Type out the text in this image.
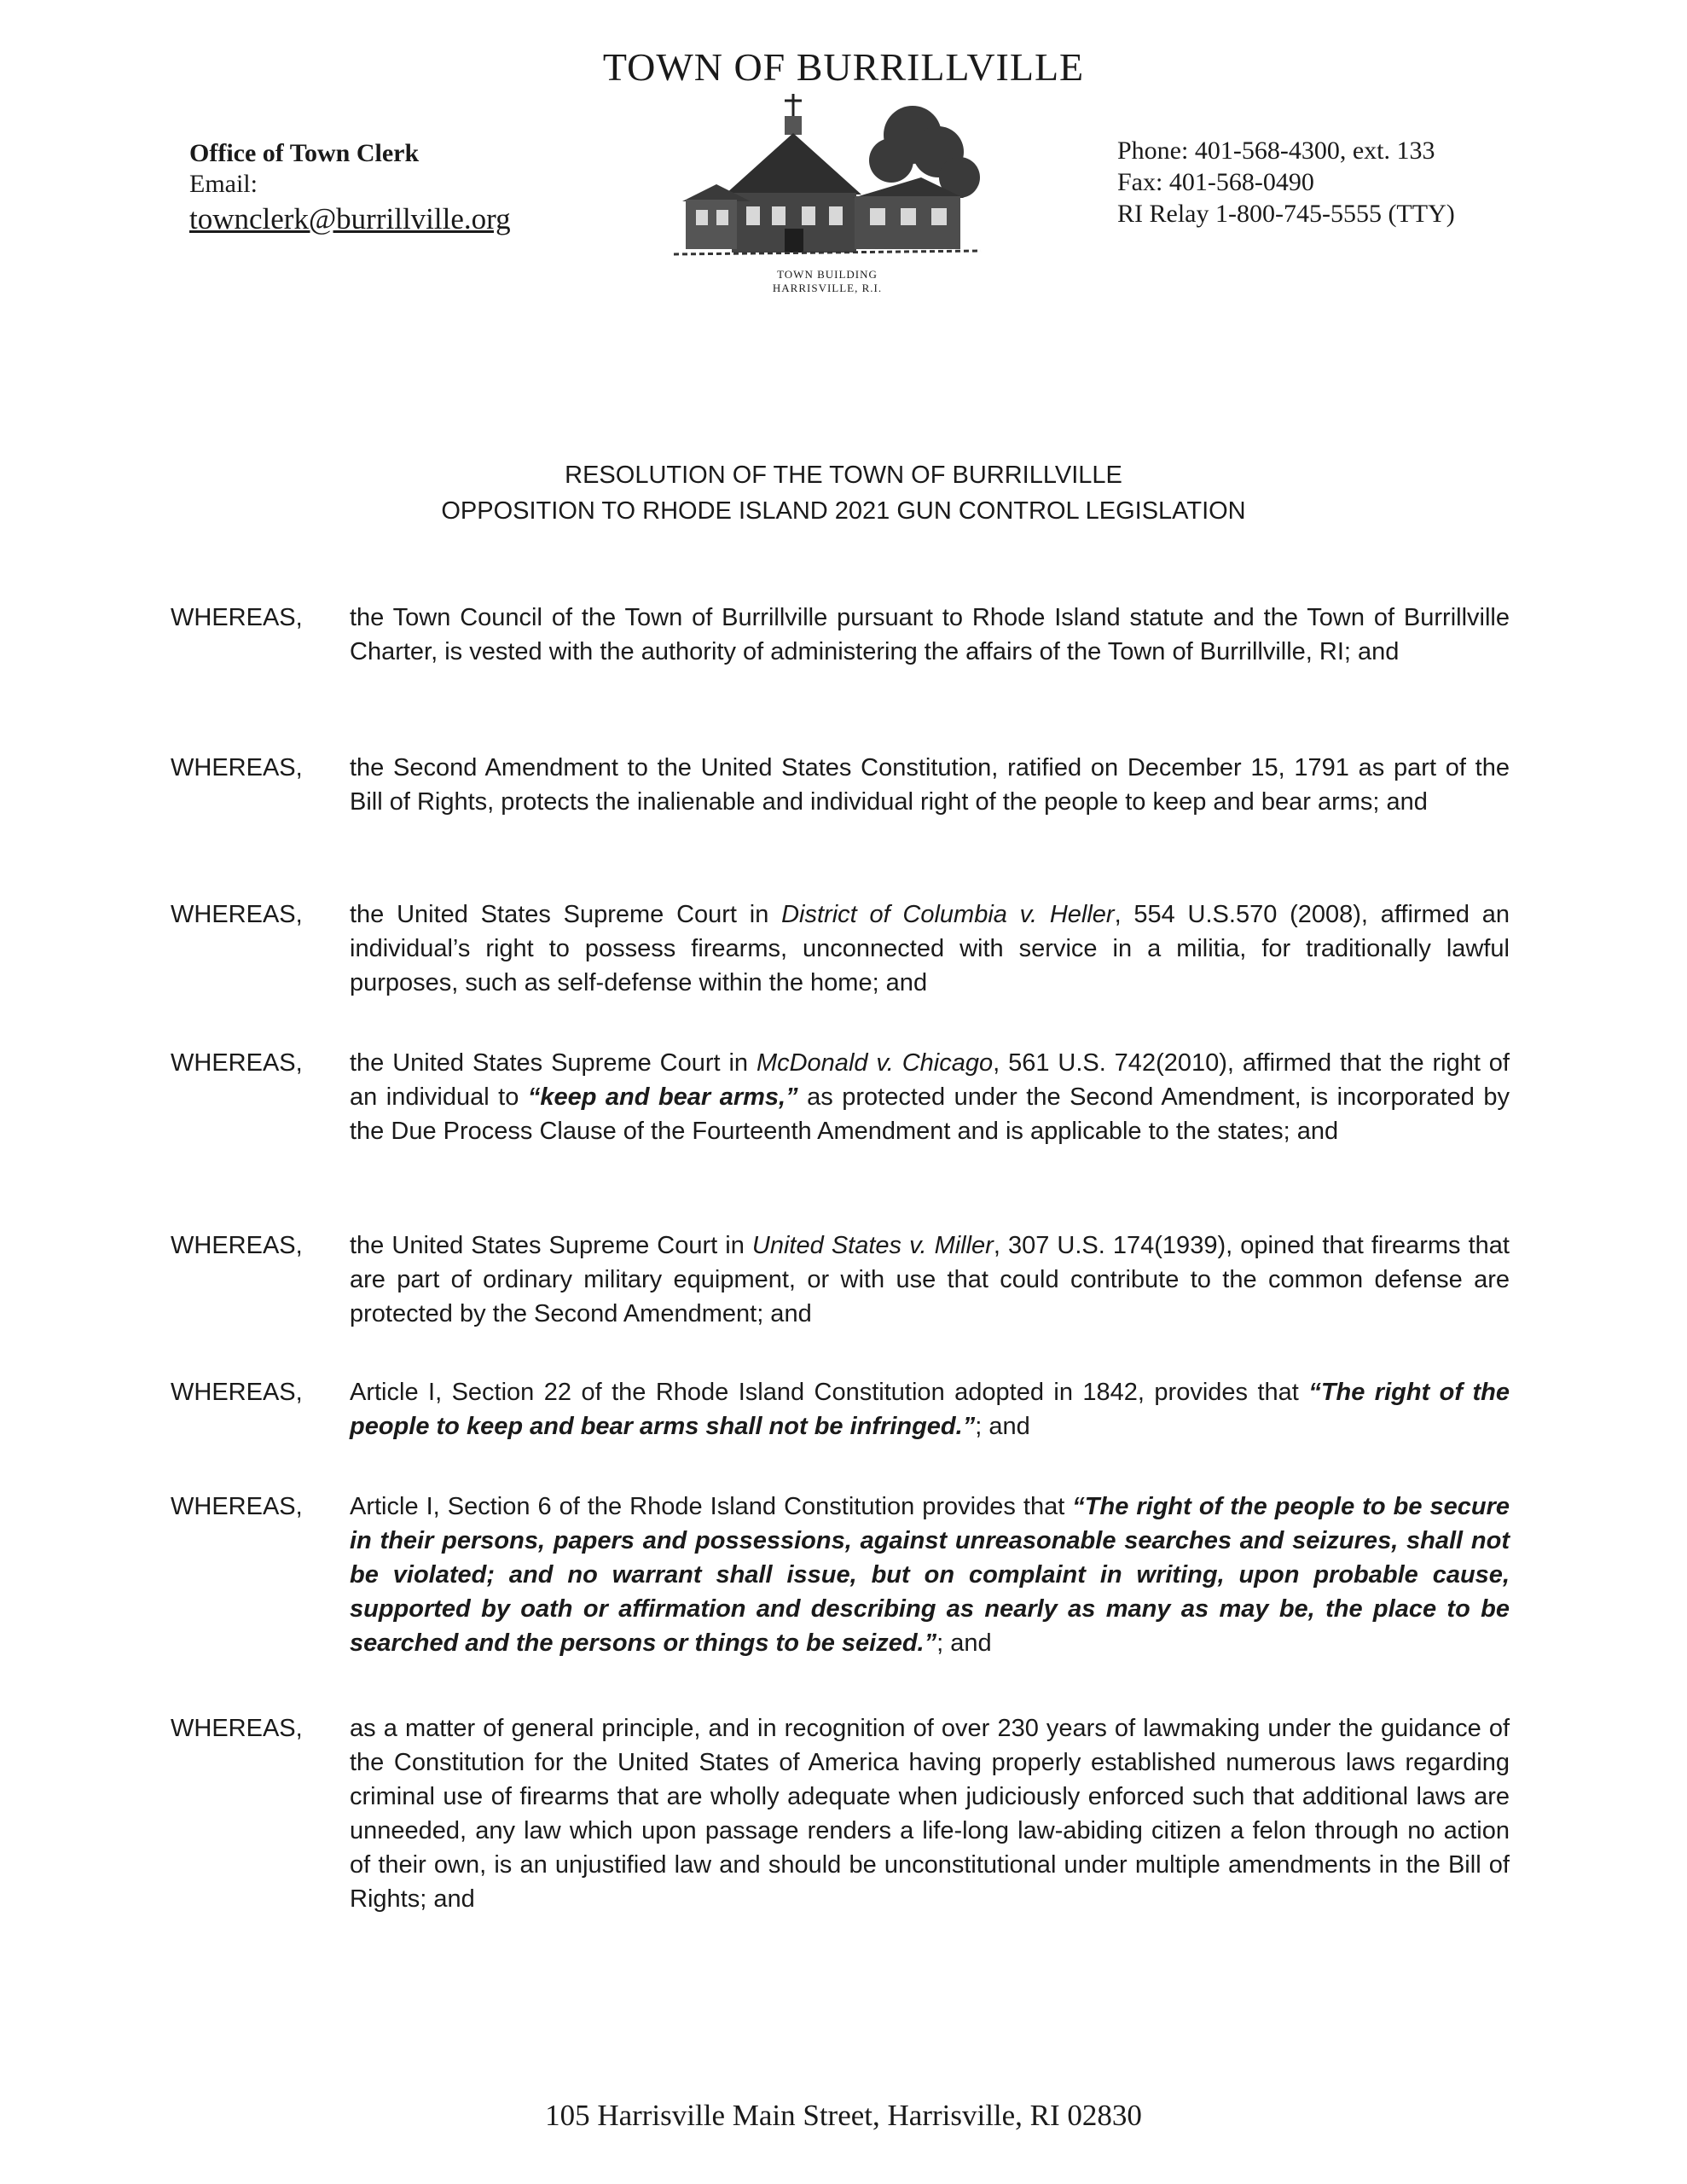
TOWN OF BURRILLVILLE
Office of Town Clerk
Email:
townclerk@burrillville.org
TOWN BUILDING
HARRISVILLE, R.I.
Phone: 401-568-4300, ext. 133
Fax: 401-568-0490
RI Relay 1-800-745-5555 (TTY)
RESOLUTION OF THE TOWN OF BURRILLVILLE
OPPOSITION TO RHODE ISLAND 2021 GUN CONTROL LEGISLATION
WHEREAS,	the Town Council of the Town of Burrillville pursuant to Rhode Island statute and the Town of Burrillville Charter, is vested with the authority of administering the affairs of the Town of Burrillville, RI; and
WHEREAS,	the Second Amendment to the United States Constitution, ratified on December 15, 1791 as part of the Bill of Rights, protects the inalienable and individual right of the people to keep and bear arms; and
WHEREAS,	the United States Supreme Court in District of Columbia v. Heller, 554 U.S.570 (2008), affirmed an individual’s right to possess firearms, unconnected with service in a militia, for traditionally lawful purposes, such as self-defense within the home; and
WHEREAS,	the United States Supreme Court in McDonald v. Chicago, 561 U.S. 742(2010), affirmed that the right of an individual to “keep and bear arms,” as protected under the Second Amendment, is incorporated by the Due Process Clause of the Fourteenth Amendment and is applicable to the states; and
WHEREAS,	the United States Supreme Court in United States v. Miller, 307 U.S. 174(1939), opined that firearms that are part of ordinary military equipment, or with use that could contribute to the common defense are protected by the Second Amendment; and
WHEREAS,	Article I, Section 22 of the Rhode Island Constitution adopted in 1842, provides that “The right of the people to keep and bear arms shall not be infringed.”; and
WHEREAS,	Article I, Section 6 of the Rhode Island Constitution provides that “The right of the people to be secure in their persons, papers and possessions, against unreasonable searches and seizures, shall not be violated; and no warrant shall issue, but on complaint in writing, upon probable cause, supported by oath or affirmation and describing as nearly as many as may be, the place to be searched and the persons or things to be seized.”; and
WHEREAS,	as a matter of general principle, and in recognition of over 230 years of lawmaking under the guidance of the Constitution for the United States of America having properly established numerous laws regarding criminal use of firearms that are wholly adequate when judiciously enforced such that additional laws are unneeded, any law which upon passage renders a life-long law-abiding citizen a felon through no action of their own, is an unjustified law and should be unconstitutional under multiple amendments in the Bill of Rights; and
105 Harrisville Main Street, Harrisville, RI 02830
